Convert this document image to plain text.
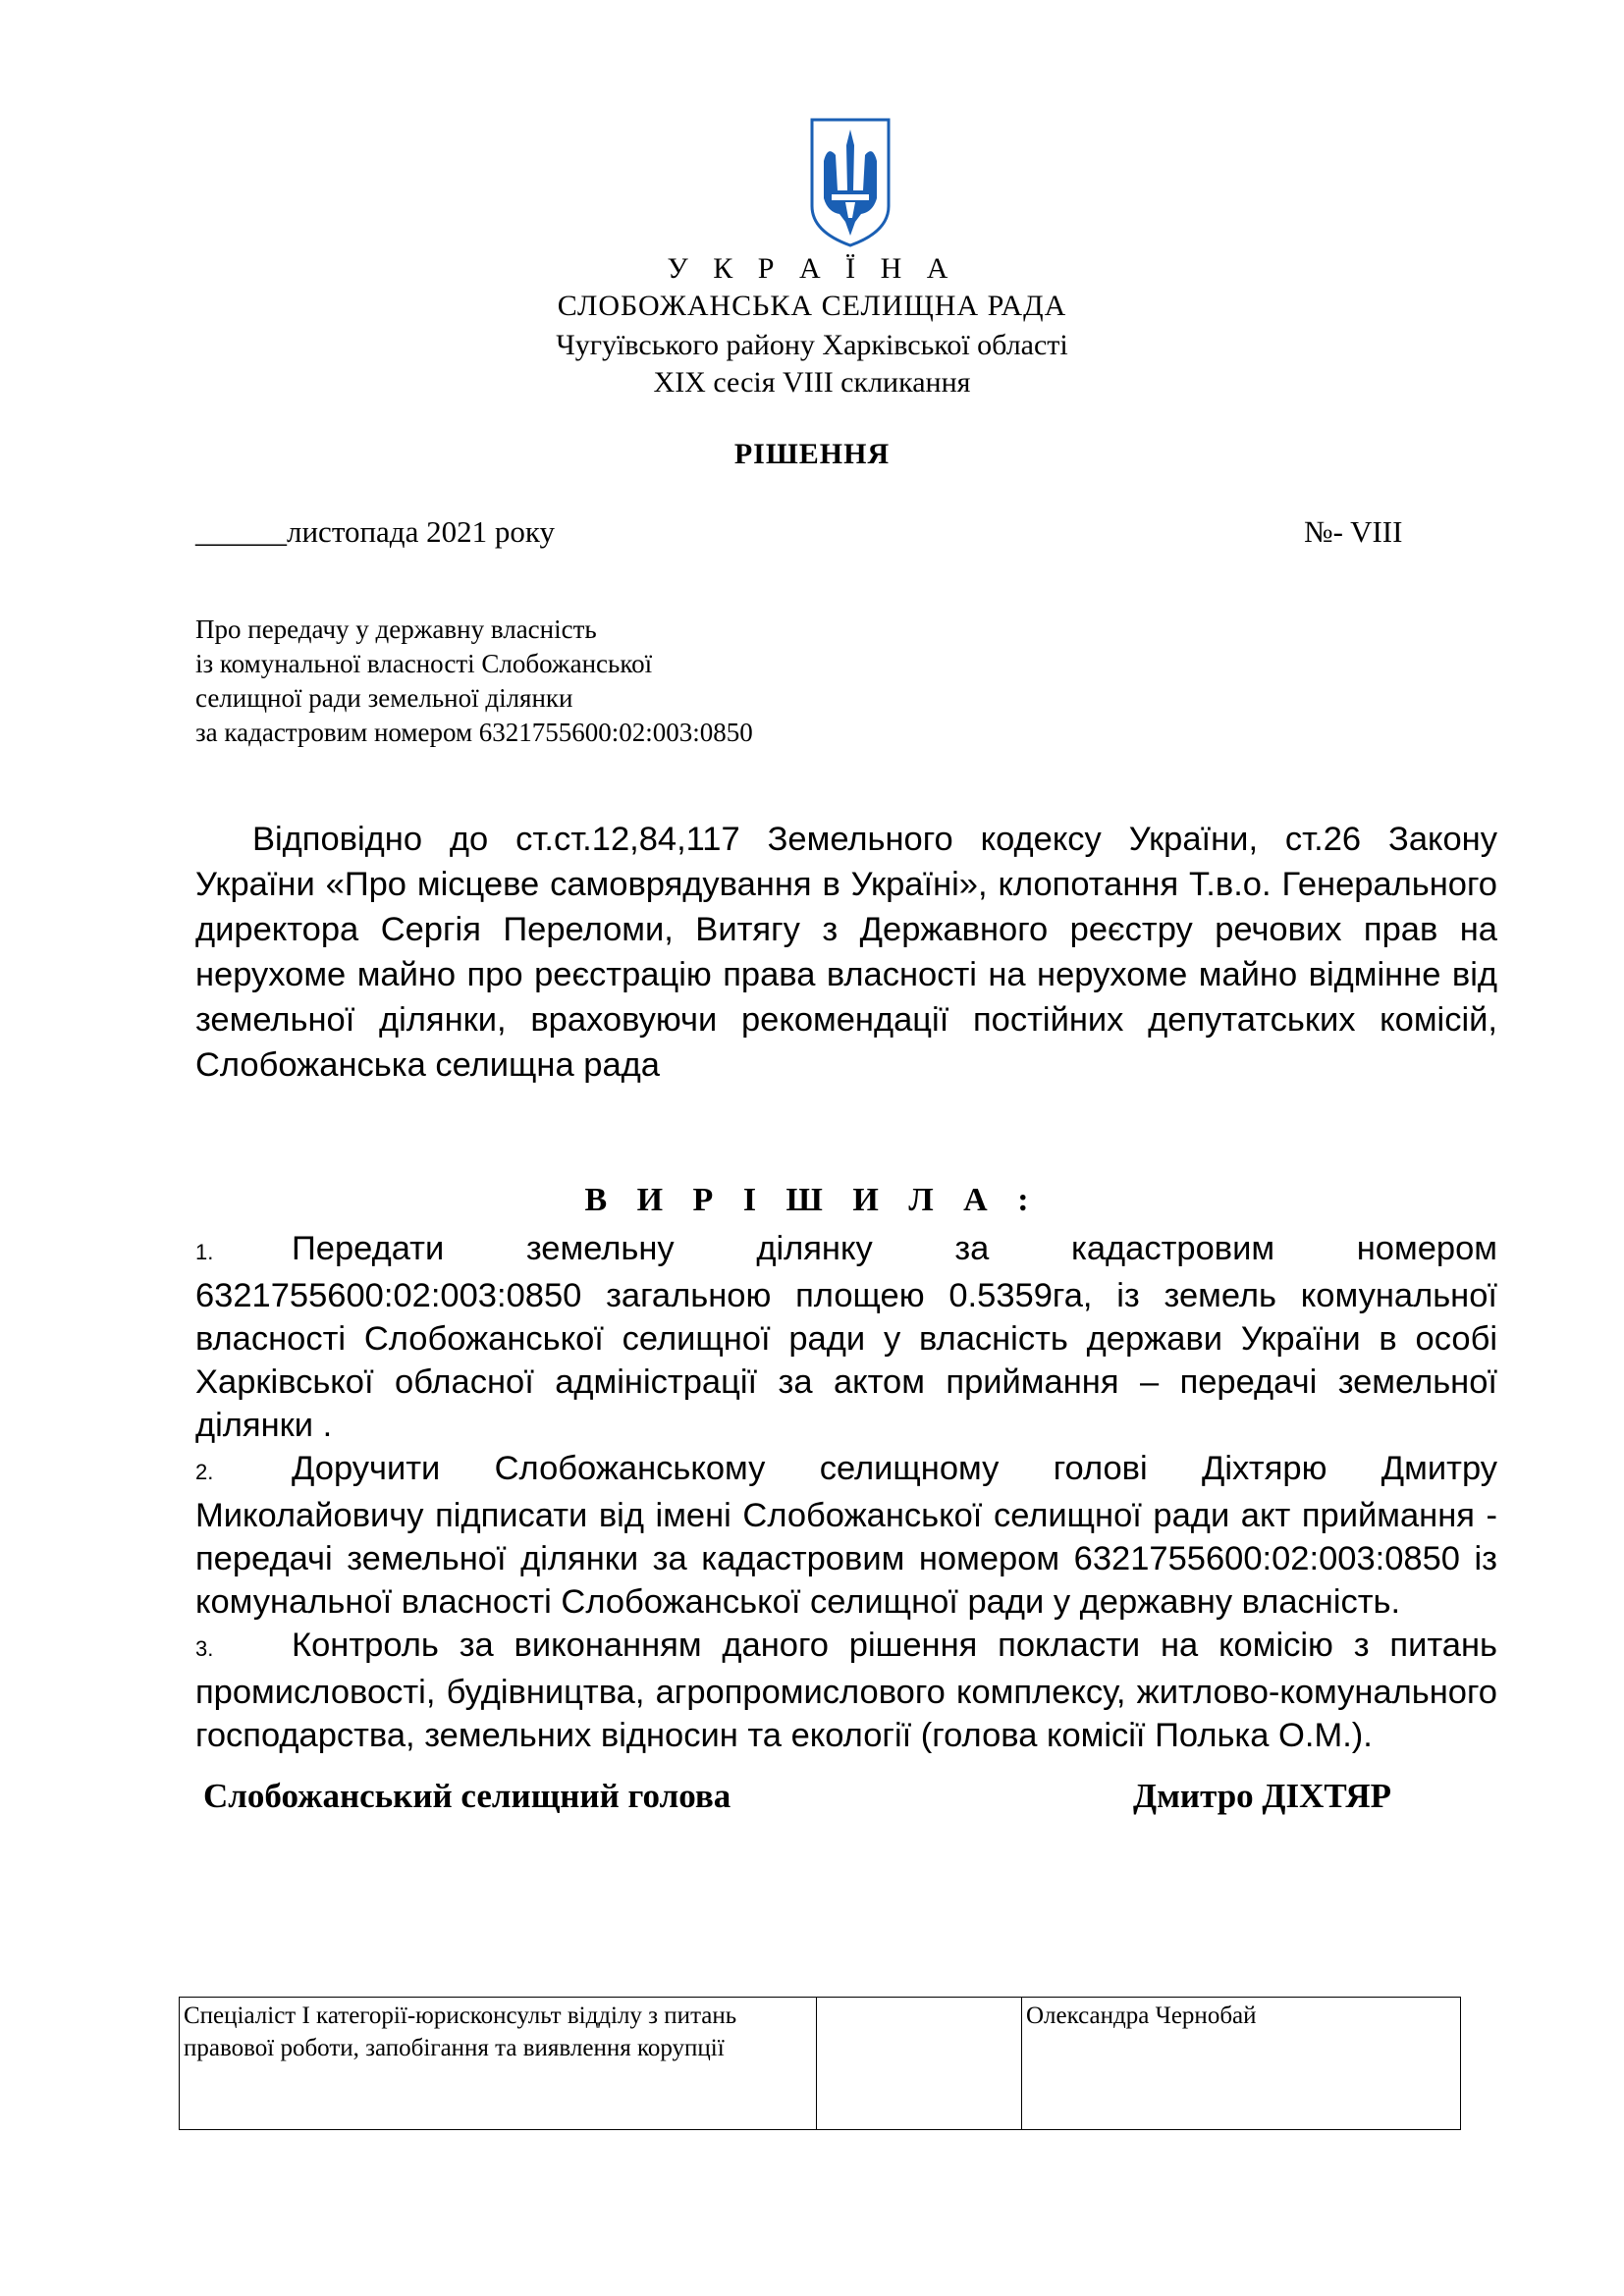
У К Р А Ї Н А
СЛОБОЖАНСЬКА СЕЛИЩНА РАДА
Чугуївського району Харківської області
XIX сесія VIII скликання
РІШЕННЯ
______листопада 2021 року	№- VIII
Про передачу у державну власність
із комунальної власності Слобожанської
селищної ради земельної ділянки
за кадастровим номером 6321755600:02:003:0850
Відповідно до ст.ст.12,84,117 Земельного кодексу України, ст.26 Закону України «Про місцеве самоврядування в Україні», клопотання Т.в.о. Генерального директора Сергія Переломи, Витягу з Державного реєстру речових прав на нерухоме майно про реєстрацію права власності на нерухоме майно відмінне від земельної ділянки, враховуючи рекомендації постійних депутатських комісій, Слобожанська селищна рада
В И Р І Ш И Л А :

1. Передати земельну ділянку за кадастровим номером 6321755600:02:003:0850 загальною площею 0.5359га, із земель комунальної власності Слобожанської селищної ради у власність держави України в особі Харківської обласної адміністрації за актом приймання – передачі земельної ділянки .

2. Доручити Слобожанському селищному голові Діхтярю Дмитру Миколайовичу підписати від імені Слобожанської селищної ради акт приймання - передачі земельної ділянки за кадастровим номером 6321755600:02:003:0850 із комунальної власності Слобожанської селищної ради у державну власність.

3. Контроль за виконанням даного рішення покласти на комісію з питань промисловості, будівництва, агропромислового комплексу, житлово-комунального господарства, земельних відносин та екології (голова комісії Полька О.М.).

Слобожанський селищний голова	Дмитро ДІХТЯР
Спеціаліст І категорії-юрисконсульт відділу з питань правової роботи, запобігання та виявлення корупції		Олександра Чернобай
